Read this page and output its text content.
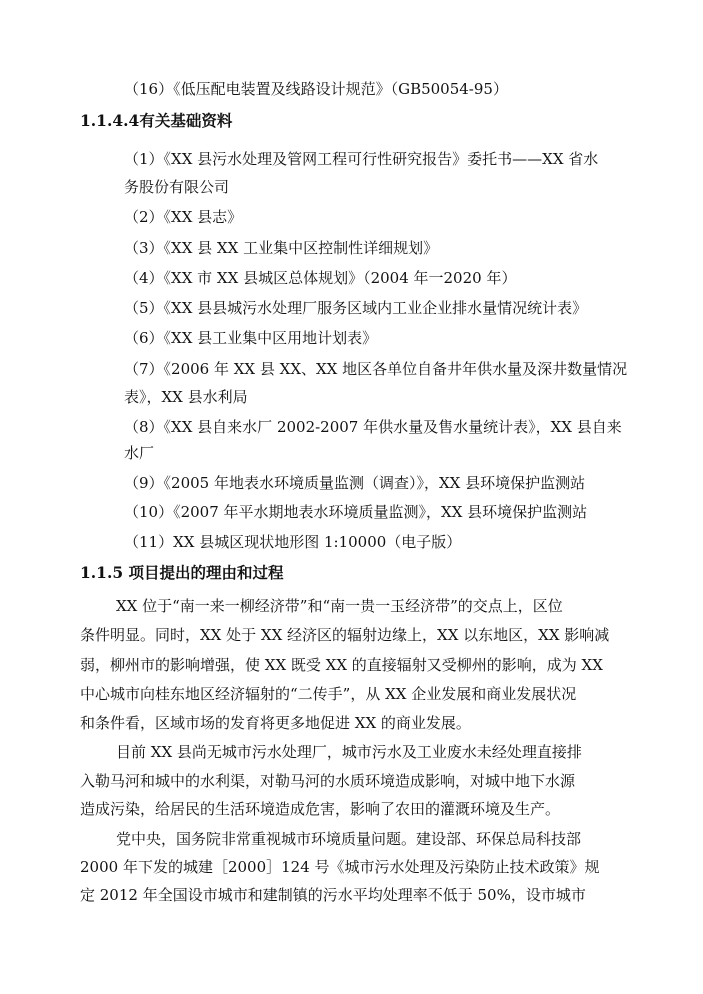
（16）《低压配电装置及线路设计规范》（GB50054-95）
1.1.4.4有关基础资料
（1）《XX 县污水处理及管网工程可行性研究报告》委托书——XX 省水
务股份有限公司
（2）《XX 县志》
（3）《XX 县 XX 工业集中区控制性详细规划》
（4）《XX 市 XX 县城区总体规划》（2004 年一2020 年）
（5）《XX 县县城污水处理厂服务区域内工业企业排水量情况统计表》
（6）《XX 县工业集中区用地计划表》
（7）《2006 年 XX 县 XX、XX 地区各单位自备井年供水量及深井数量情况
表》，XX 县水利局
（8）《XX 县自来水厂 2002-2007 年供水量及售水量统计表》，XX 县自来
水厂
（9）《2005 年地表水环境质量监测（调查）》，XX 县环境保护监测站
（10）《2007 年平水期地表水环境质量监测》，XX 县环境保护监测站
（11）XX 县城区现状地形图 1:10000（电子版）
1.1.5 项目提出的理由和过程
XX 位于“南一来一柳经济带”和“南一贵一玉经济带”的交点上，区位
条件明显。同时，XX 处于 XX 经济区的辐射边缘上，XX 以东地区，XX 影响减
弱，柳州市的影响增强，使 XX 既受 XX 的直接辐射又受柳州的影响，成为 XX
中心城市向桂东地区经济辐射的“二传手”，从 XX 企业发展和商业发展状况
和条件看，区域市场的发育将更多地促进 XX 的商业发展。
目前 XX 县尚无城市污水处理厂，城市污水及工业废水未经处理直接排
入勒马河和城中的水利渠，对勒马河的水质环境造成影响，对城中地下水源
造成污染，给居民的生活环境造成危害，影响了农田的灌溉环境及生产。
党中央，国务院非常重视城市环境质量问题。建设部、环保总局科技部
2000 年下发的城建［2000］124 号《城市污水处理及污染防止技术政策》规
定 2012 年全国设市城市和建制镇的污水平均处理率不低于 50%，设市城市
